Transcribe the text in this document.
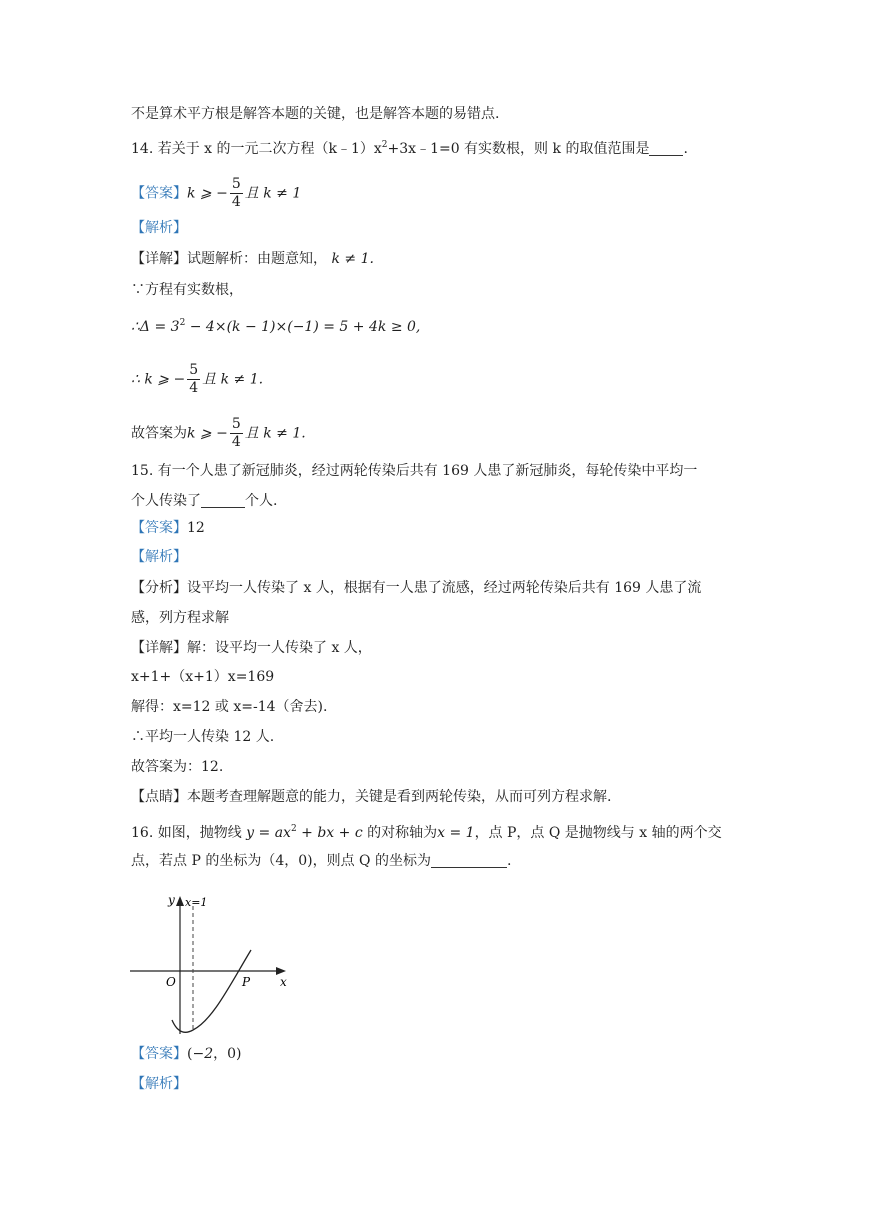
不是算术平方根是解答本题的关键，也是解答本题的易错点.
14. 若关于 x 的一元二次方程$(k﹣1)x^2+3x﹣1=0$ 有实数根，则 k 的取值范围是 .
【答案】k ⩾ − $\frac{5}{4}$ 且 k ≠ 1
【解析】
【详解】试题解析：由题意知， k ≠ 1.
∵方程有实数根，
∴Δ = $3^2 - 4\times(k - 1)\times(-1) = 5 + 4k \ge 0$,
∴ k ⩾ − $\frac{5}{4}$ 且 k ≠ 1.
故答案为k ⩾ − $\frac{5}{4}$ 且 k ≠ 1.
15. 有一个人患了新冠肺炎，经过两轮传染后共有 169 人患了新冠肺炎，每轮传染中平均一
个人传染了	个人.
【答案】12
【解析】
【分析】设平均一人传染了 x 人，根据有一人患了流感，经过两轮传染后共有 169 人患了流
感，列方程求解
【详解】解：设平均一人传染了 x 人，
x+1+（x+1）x=169
解得：x=12 或 x=-14（舍去).
∴平均一人传染 12 人.
故答案为：12.
【点睛】本题考查理解题意的能力，关键是看到两轮传染，从而可列方程求解.
16. 如图，抛物线 $y = ax^2$ + bx + c 的对称轴为x = 1，点 P，点 Q 是抛物线与 x 轴的两个交
点，若点 P 的坐标为（4，0)，则点 Q 的坐标为	.
y x=1
O	P x
【答案】(−2，0)
【解析】
